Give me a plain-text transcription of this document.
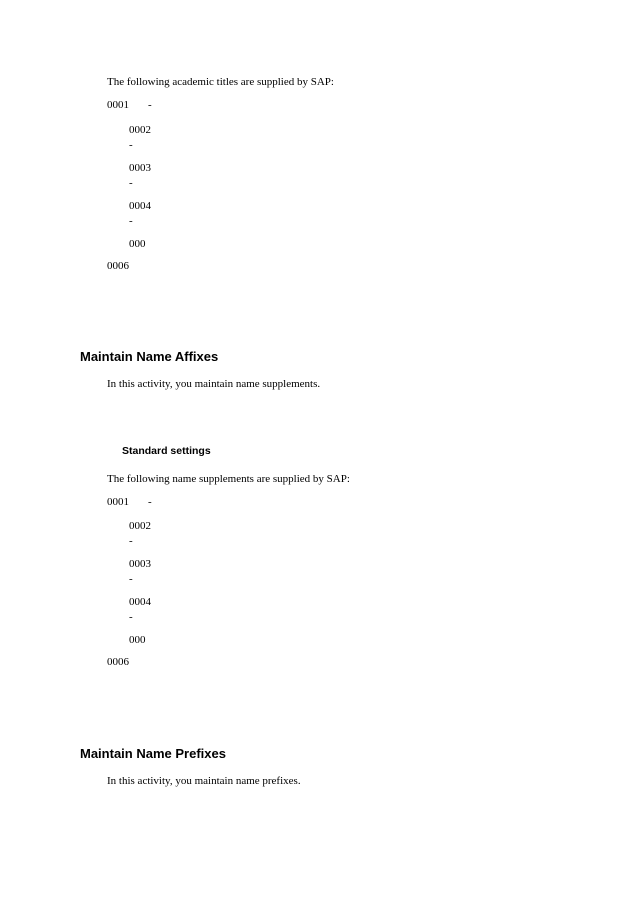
The following academic titles are supplied by SAP:
0001 -
0002
-
0003
-
0004
-
000
0006
Maintain Name Affixes
In this activity, you maintain name supplements.
Standard settings
The following name supplements are supplied by SAP:
0001 -
0002
-
0003
-
0004
-
000
0006
Maintain Name Prefixes
In this activity, you maintain name prefixes.
